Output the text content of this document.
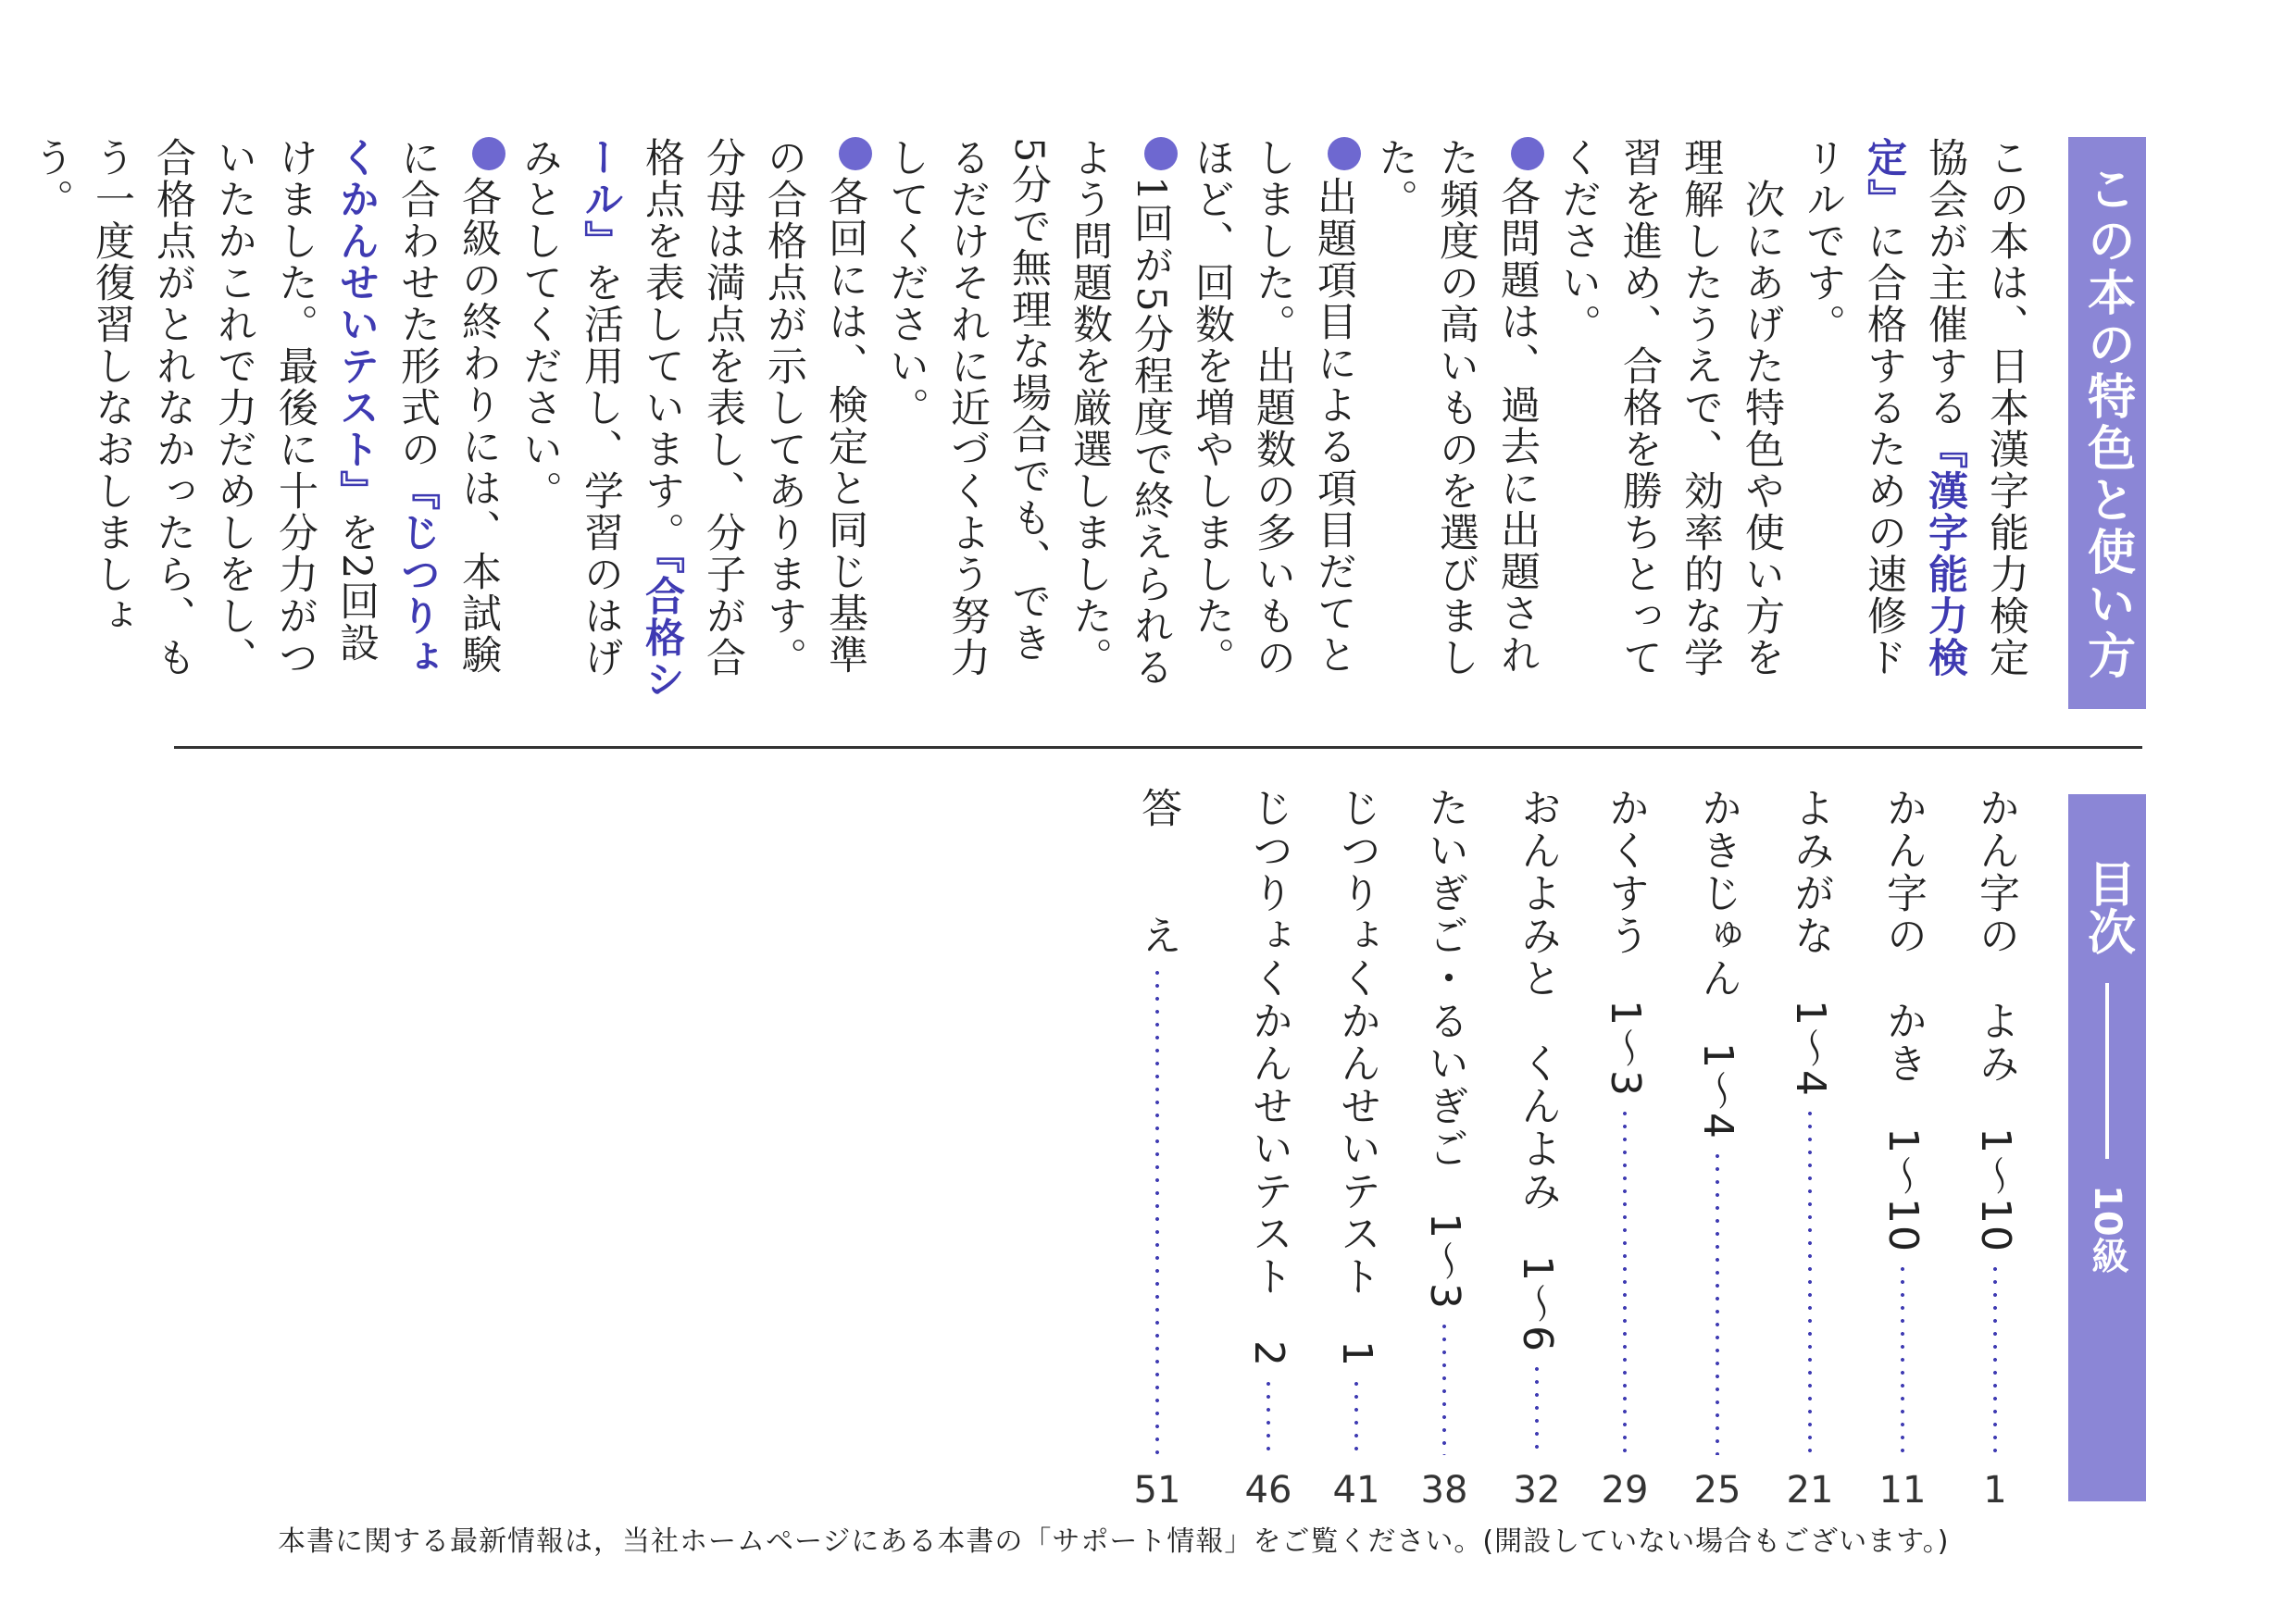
この本の特色と使い方

この本は、日本漢字能力検定協会が主催する『漢字能力検定』に合格するための速修ドリルです。

　次にあげた特色や使い方を理解したうえで、効率的な学習を進め、合格を勝ちとってください。

各問題は、過去に出題された頻度の高いものを選びました。

出題項目による項目だてとしました。出題数の多いものほど、回数を増やしました。

1回が5分程度で終えられるよう問題数を厳選しました。5分で無理な場合でも、できるだけそれに近づくよう努力してください。

各回には、検定と同じ基準の合格点が示してあります。分母は満点を表し、分子が合格点を表しています。『合格シール』を活用し、学習のはげみとしてください。

各級の終わりには、本試験に合わせた形式の『じつりょくかんせいテスト』を2回設けました。最後に十分力がついたかこれで力だめしをし、合格点がとれなかったら、もう一度復習しなおしましょう。

目次
10級
かん字の　よみ　1〜10
1
かん字の　かき　1〜10
11
よみがな　1〜4
21
かきじゅん　1〜4
25
かくすう　1〜3
29
おんよみと　くんよみ　1〜6
32
たいぎご・るいぎご　1〜3
38
じつりょくかんせいテスト　1
41
じつりょくかんせいテスト　2
46
答　　え
51
本書に関する最新情報は，当社ホームページにある本書の「サポート情報」をご覧ください。(開設していない場合もございます。)
